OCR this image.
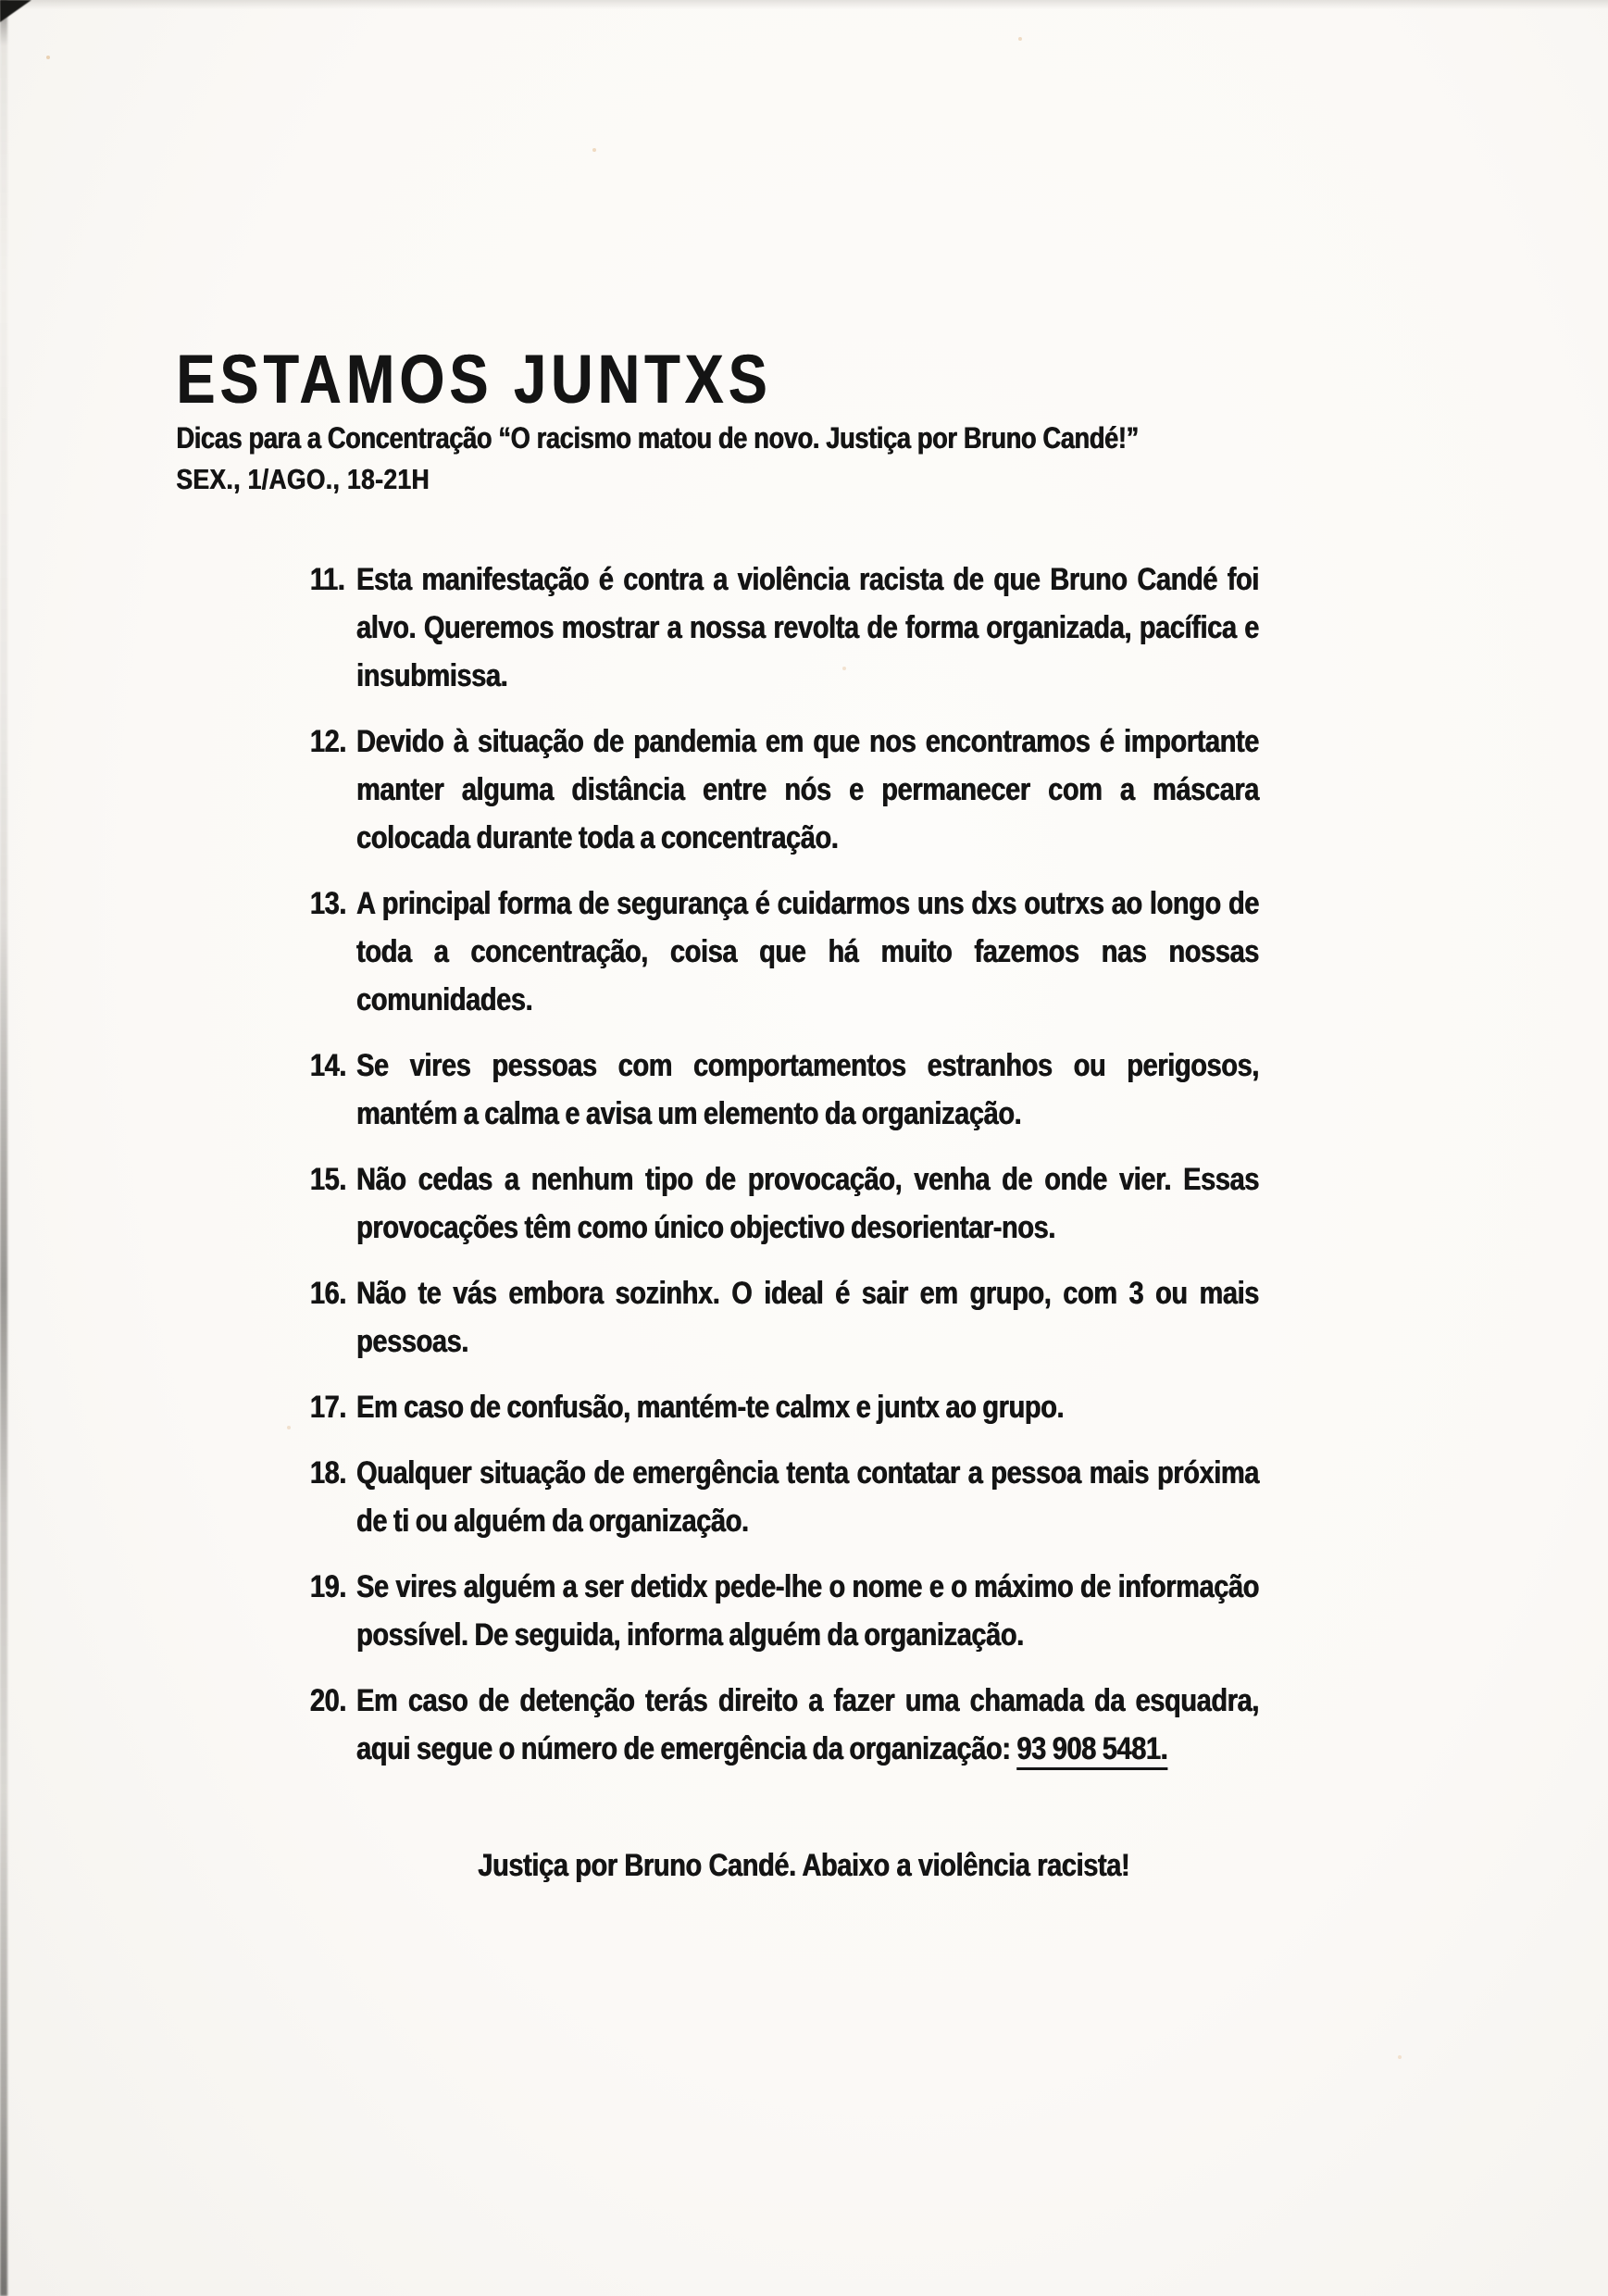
ESTAMOS JUNTXS
Dicas para a Concentração “O racismo matou de novo. Justiça por Bruno Candé!”
SEX., 1/AGO., 18-21H
11. Esta manifestação é contra a violência racista de que Bruno Candé foi alvo. Queremos mostrar a nossa revolta de forma organizada, pacífica e insubmissa.
12. Devido à situação de pandemia em que nos encontramos é importante manter alguma distância entre nós e permanecer com a máscara colocada durante toda a concentração.
13. A principal forma de segurança é cuidarmos uns dxs outrxs ao longo de toda a concentração, coisa que há muito fazemos nas nossas comunidades.
14. Se vires pessoas com comportamentos estranhos ou perigosos, mantém a calma e avisa um elemento da organização.
15. Não cedas a nenhum tipo de provocação, venha de onde vier. Essas provocações têm como único objectivo desorientar-nos.
16. Não te vás embora sozinhx. O ideal é sair em grupo, com 3 ou mais pessoas.
17. Em caso de confusão, mantém-te calmx e juntx ao grupo.
18. Qualquer situação de emergência tenta contatar a pessoa mais próxima de ti ou alguém da organização.
19. Se vires alguém a ser detidx pede-lhe o nome e o máximo de informação possível. De seguida, informa alguém da organização.
20. Em caso de detenção terás direito a fazer uma chamada da esquadra, aqui segue o número de emergência da organização: 93 908 5481.
Justiça por Bruno Candé. Abaixo a violência racista!
